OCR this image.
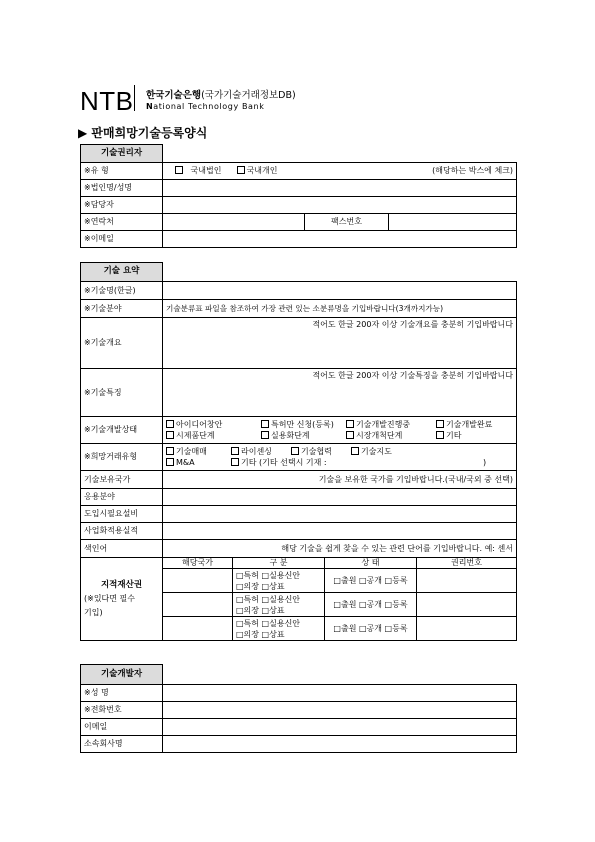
NTB 한국기술은행(국가기술거래정보DB)
National Technology Bank
▶ 판매희망기술등록양식
기술권리자			
※유 형	국내법인 국내개인 (해당하는 박스에 체크)		

※법인명/성명			
※담당자			
※연락처		팩스번호	
※이메일			
기술 요약				
※기술명(한글)				
※기술분야	기술분류표 파일을 참조하여 가장 관련 있는 소분류명을 기입바랍니다(3개까지가능)			
※기술개요	적어도 한글 200자 이상 기술개요를 충분히 기입바랍니다			
※기술특징	적어도 한글 200자 이상 기술특징을 충분히 기입바랍니다			
※기술개발상태	아이디어창안 특허만 신청(등록) 기술개발진행중 기술개발완료
시제품단계 실용화단계 시장개척단계 기타			

※희망거래유형	기술매매 라이센싱 기술협력 기술지도
M&A 기타 (기타 선택시 기재 : )			

기술보유국가	기술을 보유한 국가를 기입바랍니다.(국내/국외 중 선택)			
응용분야				
도입시필요설비				
사업화적용실적				
색인어	해당 기술을 쉽게 찾을 수 있는 관련 단어를 기입바랍니다. 예: 센서			

지적재산권
(※있다면 필수
기입)	해당국가	구 분	상 태	권리번호

		□특허 □실용신안
□의장 □상표	□출원 □공개 □등록	

		□특허 □실용신안
□의장 □상표	□출원 □공개 □등록	

		□특허 □실용신안
□의장 □상표	□출원 □공개 □등록	
기술개발자	
※성 명	
※전화번호	
이메일	
소속회사명	
